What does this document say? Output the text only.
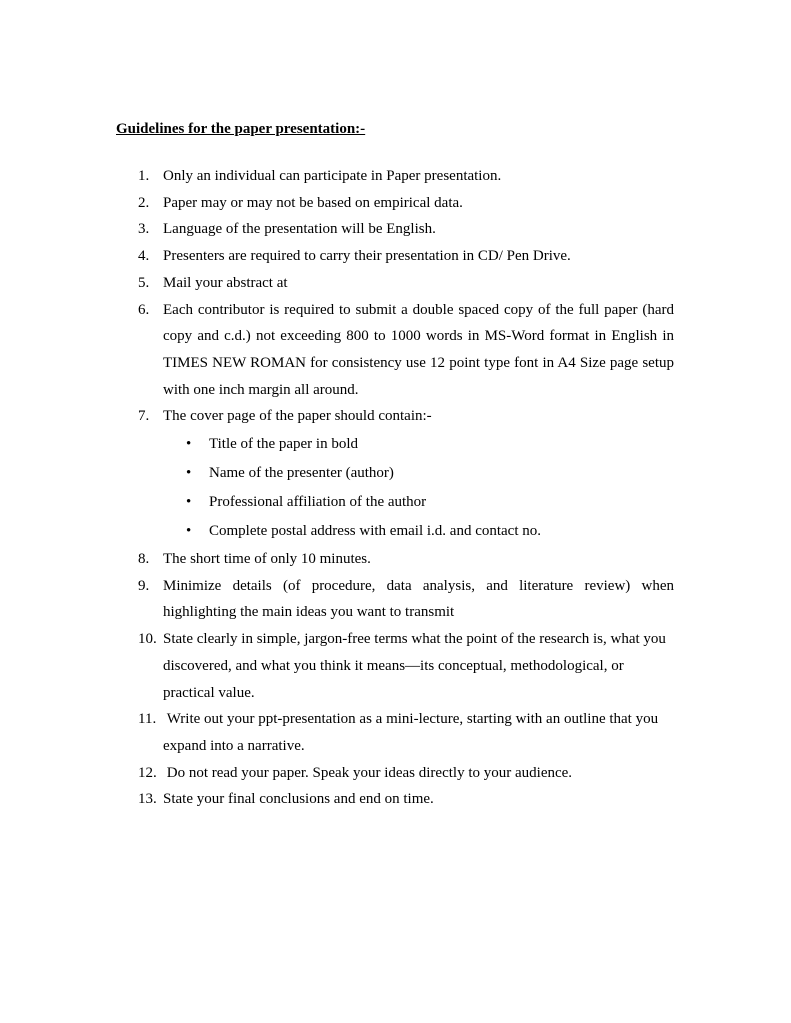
Guidelines for the paper presentation:-
1. Only an individual can participate in Paper presentation.
2. Paper may or may not be based on empirical data.
3. Language of the presentation will be English.
4. Presenters are required to carry their presentation in CD/ Pen Drive.
5. Mail your abstract at
6. Each contributor is required to submit a double spaced copy of the full paper (hard copy and c.d.) not exceeding 800 to 1000 words in MS-Word format in English in TIMES NEW ROMAN for consistency use 12 point type font in A4 Size page setup with one inch margin all around.
7. The cover page of the paper should contain:-
• Title of the paper in bold
• Name of the presenter (author)
• Professional affiliation of the author
• Complete postal address with email i.d. and contact no.
8. The short time of only 10 minutes.
9. Minimize details (of procedure, data analysis, and literature review) when highlighting the main ideas you want to transmit
10. State clearly in simple, jargon-free terms what the point of the research is, what you discovered, and what you think it means—its conceptual, methodological, or practical value.
11. Write out your ppt-presentation as a mini-lecture, starting with an outline that you expand into a narrative.
12. Do not read your paper. Speak your ideas directly to your audience.
13. State your final conclusions and end on time.
